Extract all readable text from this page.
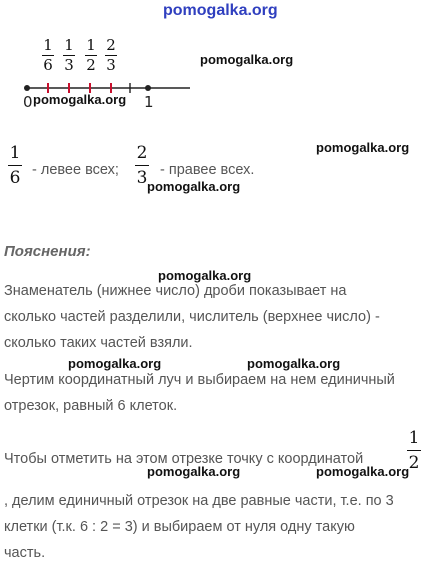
pomogalka.org
1
6
1
3
1
2
2
3
0	1
pomogalka.org
pomogalka.org
pomogalka.org
1
6 - левее всех;
2
3 - правее всех.
pomogalka.org
Пояснения:
pomogalka.org
Знаменатель (нижнее число) дроби показывает на
сколько частей разделили, числитель (верхнее число) -
сколько таких частей взяли.
pomogalka.org	pomogalka.org
Чертим координатный луч и выбираем на нем единичный
отрезок, равный 6 клеток.
Чтобы отметить на этом отрезке точку с координатой
1
2
pomogalka.org	pomogalka.org
, делим единичный отрезок на две равные части, т.е. по 3
клетки (т.к. 6 : 2 = 3) и выбираем от нуля одну такую
часть.
